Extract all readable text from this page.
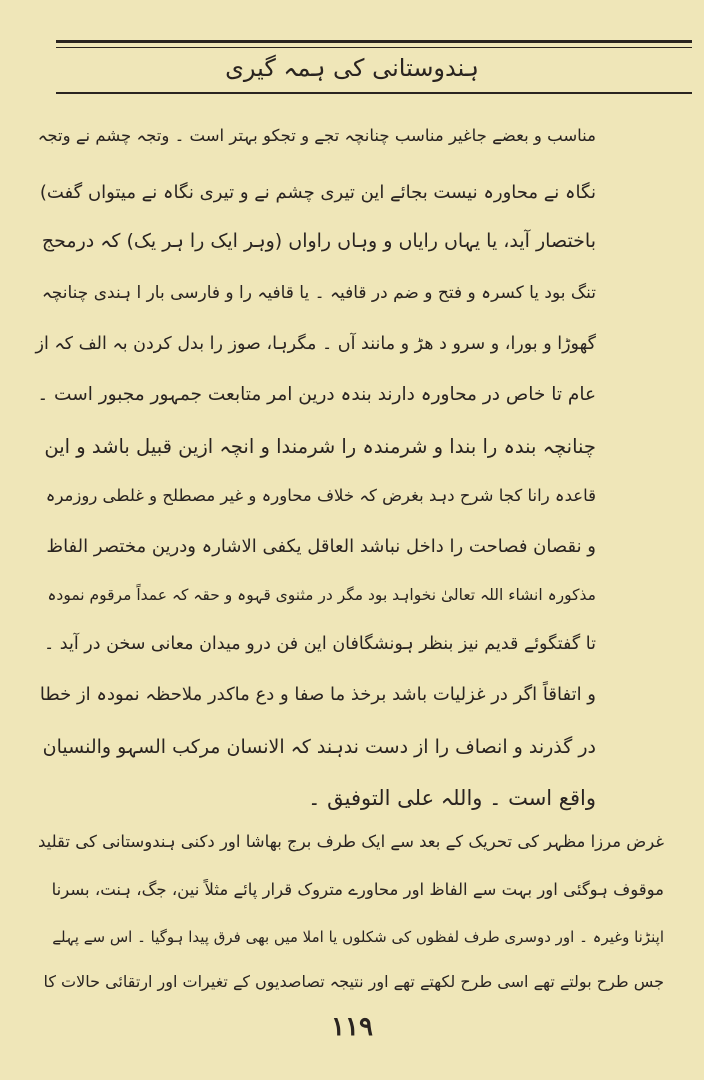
ہندوستانی کی ہمہ گیری
مناسب و بعضے جاغیر مناسب چنانچہ تجے و تجکو بہتر است ۔ وتجہ چشم نے وتجہ
نگاہ نے محاورہ نیست بجائے این تیری چشم نے و تیری نگاہ نے میتواں گفت)
باختصار آید، یا یہاں رایاں و وہاں راواں (وہر ایک را ہر یک) کہ درمحج
تنگ بود یا کسرہ و فتح و ضم در قافیہ ۔ یا قافیہ را و فارسی بار ا ہندی چنانچہ
گھوڑا و بورا، و سرو د ھڑ و مانند آں ۔ مگرہا، صوز را بدل کردن بہ الف کہ از
عام تا خاص در محاورہ دارند بندہ درین امر متابعت جمہور مجبور است ۔
چنانچہ بندہ را بندا و شرمندہ را شرمندا و انچہ ازین قبیل باشد و این
قاعدہ رانا کجا شرح دہد بغرض کہ خلاف محاورہ و غیر مصطلح و غلطی روزمرہ
و نقصان فصاحت را داخل نباشد العاقل یکفی الاشارہ ودرین مختصر الفاظ
مذکورہ انشاء اللہ تعالیٰ نخواہد بود مگر در مثنوی قہوہ و حقہ کہ عمداً مرقوم نمودہ
تا گفتگوئے قدیم نیز بنظر ہونشگافان این فن درو میدان معانی سخن در آید ۔
و اتفاقاً اگر در غزلیات باشد برخذ ما صفا و دع ماکدر ملاحظہ نمودہ از خطا
در گذرند و انصاف را از دست ندہند کہ الانسان مرکب السہو والنسیان
واقع است ۔ واللہ علی التوفیق ۔
غرض مرزا مظہر کی تحریک کے بعد سے ایک طرف برج بھاشا اور دکنی ہندوستانی کی تقلید
موقوف ہوگئی اور بہت سے الفاظ اور محاورے متروک قرار پائے مثلاً نین، جگ، ہنت، بسرنا
اپنڑنا وغیرہ ۔ اور دوسری طرف لفظوں کی شکلوں یا املا میں بھی فرق پیدا ہوگیا ۔ اس سے پہلے
جس طرح بولتے تھے اسی طرح لکھتے تھے اور نتیجہ تصاصدیوں کے تغیرات اور ارتقائی حالات کا
۱۱۹
